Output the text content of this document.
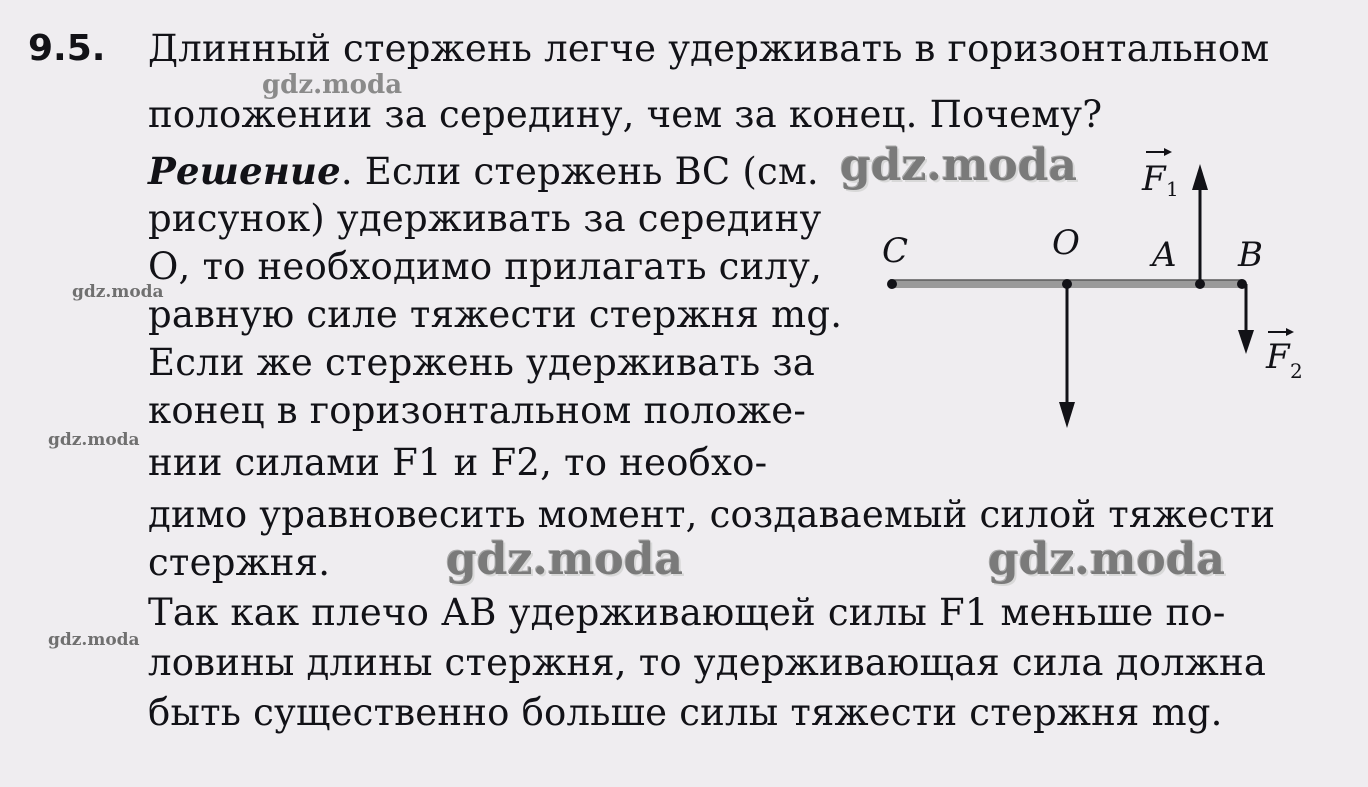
9.5. Длинный стержень легче удерживать в горизонтальном
положении за середину, чем за конец. Почему?
Решение. Если стержень ВС (см.
рисунок) удерживать за середину
О, то необходимо прилагать силу,
равную силе тяжести стержня mg.
Если же стержень удерживать за
конец в горизонтальном положе-
нии силами F1 и F2, то необхо-
димо уравновесить момент, создаваемый силой тяжести
стержня.
Так как плечо АВ удерживающей силы F1 меньше по-
ловины длины стержня, то удерживающая сила должна
быть существенно больше силы тяжести стержня mg.
C	O A B
F 1
F 2
gdz.moda
gdz.moda
gdz.moda
gdz.moda
gdz.moda	gdz.moda
gdz.moda
